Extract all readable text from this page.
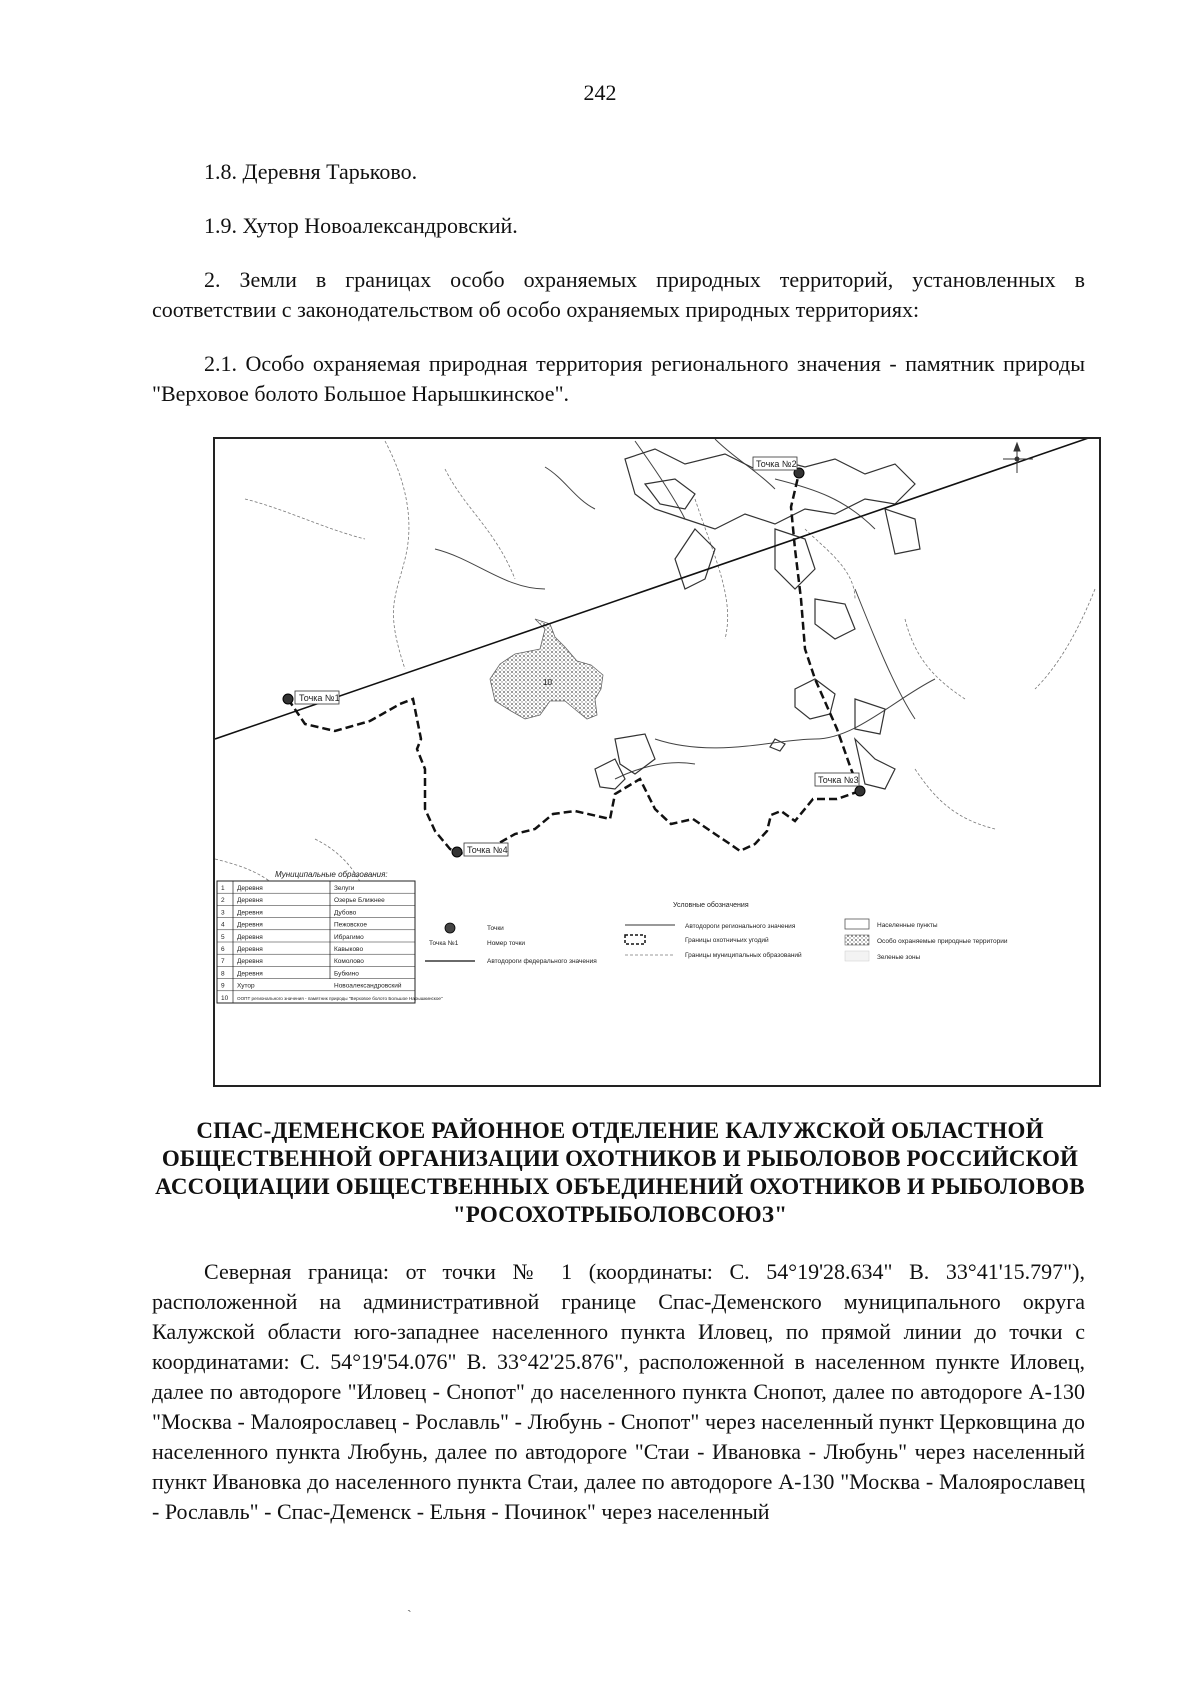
242
1.8. Деревня Тарьково.
1.9. Хутор Новоалександровский.
2. Земли в границах особо охраняемых природных территорий, установленных в соответствии с законодательством об особо охраняемых природных территориях:
2.1. Особо охраняемая природная территория регионального значения - памятник природы "Верховое болото Большое Нарышкинское".
10
Точка №1
Точка №2
Точка №3
Точка №4
Муниципальные образования:
1 Деревня	Зелуги
2 Деревня	Озерье Ближнее
3 Деревня	Дубово
4 Деревня	Пежовское
5 Деревня	Ибрагимо
6 Деревня	Кавыково
7 Деревня	Комолово
8 Деревня	Бубкино
9 Хутор	Новоалександровский
10 ООПТ регионального значения - памятник природы "Верховое болото Большое Нарышкинское"
Условные обозначения
Точки
Точка №1	Номер точки
Автодороги федерального значения
Автодороги регионального значения
Границы охотничьих угодий
Границы муниципальных образований
Населенные пункты
Особо охраняемые природные территории
Зеленые зоны
СПАС-ДЕМЕНСКОЕ РАЙОННОЕ ОТДЕЛЕНИЕ КАЛУЖСКОЙ ОБЛАСТНОЙ ОБЩЕСТВЕННОЙ ОРГАНИЗАЦИИ ОХОТНИКОВ И РЫБОЛОВОВ РОССИЙСКОЙ АССОЦИАЦИИ ОБЩЕСТВЕННЫХ ОБЪЕДИНЕНИЙ ОХОТНИКОВ И РЫБОЛОВОВ "РОСОХОТРЫБОЛОВСОЮЗ"
Северная граница: от точки № 1 (координаты: С. 54°19'28.634" В. 33°41'15.797"), расположенной на административной границе Спас-Деменского муниципального округа Калужской области юго-западнее населенного пункта Иловец, по прямой линии до точки с координатами: С. 54°19'54.076" В. 33°42'25.876", расположенной в населенном пункте Иловец, далее по автодороге "Иловец - Снопот" до населенного пункта Снопот, далее по автодороге А-130 "Москва - Малоярославец - Рославль" - Любунь - Снопот" через населенный пункт Церковщина до населенного пункта Любунь, далее по автодороге "Стаи - Ивановка - Любунь" через населенный пункт Ивановка до населенного пункта Стаи, далее по автодороге А-130 "Москва - Малоярославец - Рославль" - Спас-Деменск - Ельня - Починок" через населенный
ˏ
